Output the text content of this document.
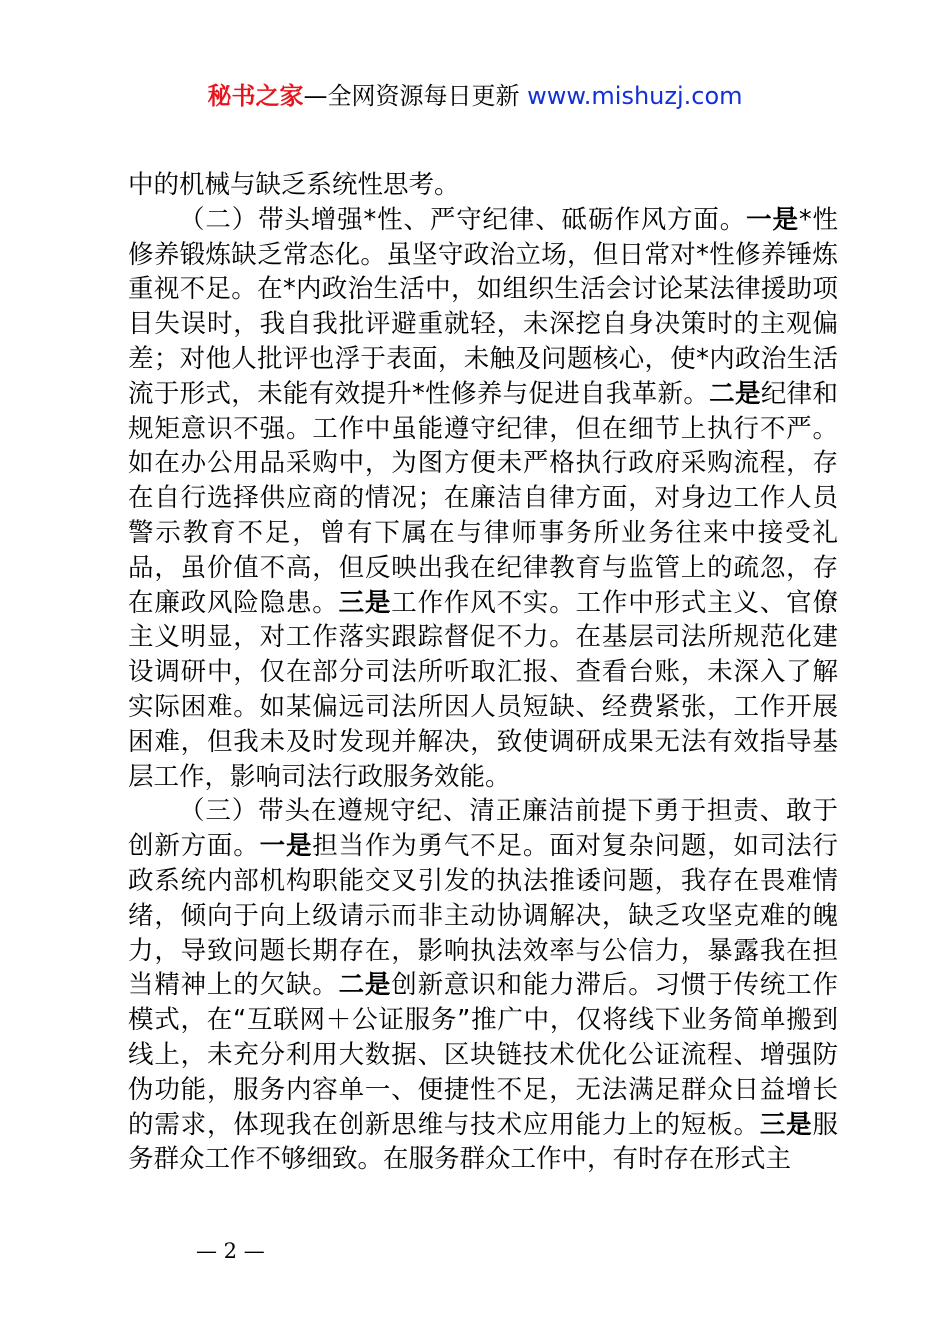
秘书之家—全网资源每日更新 www.mishuzj.com

中的机械与缺乏系统性思考。

（二）带头增强*性、严守纪律、砥砺作风方面。一是*性修养锻炼缺乏常态化。虽坚守政治立场，但日常对*性修养锤炼重视不足。在*内政治生活中，如组织生活会讨论某法律援助项目失误时，我自我批评避重就轻，未深挖自身决策时的主观偏差；对他人批评也浮于表面，未触及问题核心，使*内政治生活流于形式，未能有效提升*性修养与促进自我革新。二是纪律和规矩意识不强。工作中虽能遵守纪律，但在细节上执行不严。如在办公用品采购中，为图方便未严格执行政府采购流程，存在自行选择供应商的情况；在廉洁自律方面，对身边工作人员警示教育不足，曾有下属在与律师事务所业务往来中接受礼品，虽价值不高，但反映出我在纪律教育与监管上的疏忽，存在廉政风险隐患。三是工作作风不实。工作中形式主义、官僚主义明显，对工作落实跟踪督促不力。在基层司法所规范化建设调研中，仅在部分司法所听取汇报、查看台账，未深入了解实际困难。如某偏远司法所因人员短缺、经费紧张，工作开展困难，但我未及时发现并解决，致使调研成果无法有效指导基层工作，影响司法行政服务效能。

（三）带头在遵规守纪、清正廉洁前提下勇于担责、敢于创新方面。一是担当作为勇气不足。面对复杂问题，如司法行政系统内部机构职能交叉引发的执法推诿问题，我存在畏难情绪，倾向于向上级请示而非主动协调解决，缺乏攻坚克难的魄力，导致问题长期存在，影响执法效率与公信力，暴露我在担当精神上的欠缺。二是创新意识和能力滞后。习惯于传统工作模式，在“互联网＋公证服务”推广中，仅将线下业务简单搬到线上，未充分利用大数据、区块链技术优化公证流程、增强防伪功能，服务内容单一、便捷性不足，无法满足群众日益增长的需求，体现我在创新思维与技术应用能力上的短板。三是服务群众工作不够细致。在服务群众工作中，有时存在形式主

— 2 —
